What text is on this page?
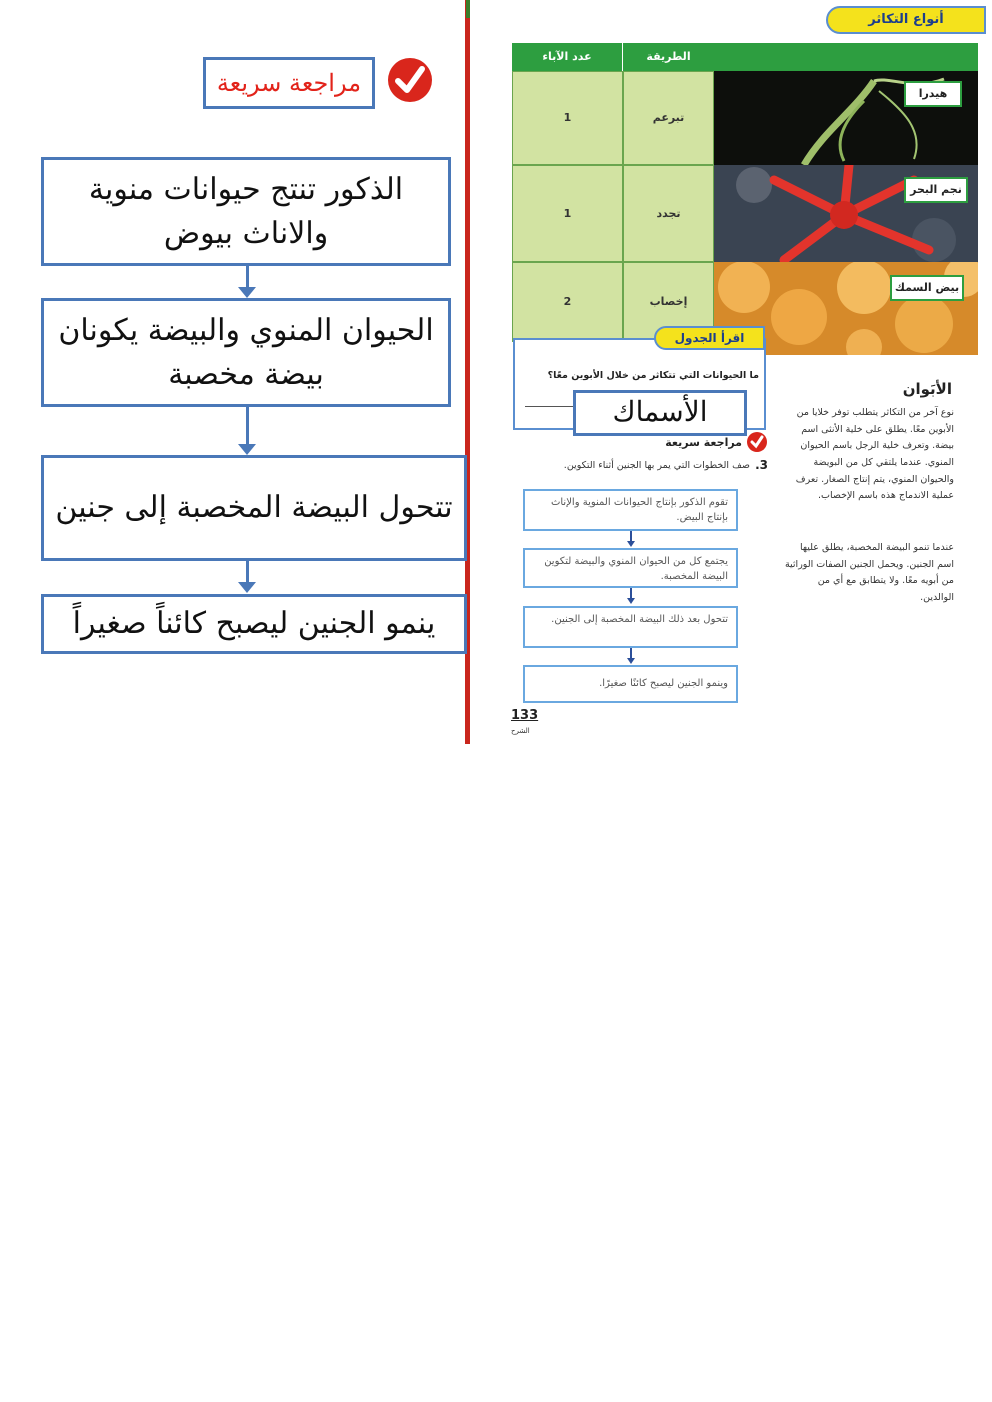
مراجعة سريعة
الذكور تنتج حيوانات منوية والاناث بيوض
الحيوان المنوي والبيضة يكونان بيضة مخصبة
تتحول البيضة المخصبة إلى جنين
ينمو الجنين ليصبح كائناً صغيراً
أنواع التكاثر
عدد الآباء	الطريقة
1	تبرعم
هيدرا
1	تجدد
نجم البحر
2	إخصاب
بيض السمك
ما الحيوانات التي تتكاثر من خلال الأبوين معًا؟
اقرأ الجدول
الأسماك
مراجعة سريعة
3.
صف الخطوات التي يمر بها الجنين أثناء التكوين.
تقوم الذكور بإنتاج الحيوانات المنوية والإناث بإنتاج البيض.
يجتمع كل من الحيوان المنوي والبيضة لتكوين البيضة المخصبة.
تتحول بعد ذلك البيضة المخصبة إلى الجنين.
وينمو الجنين ليصبح كائنًا صغيرًا.
الأبَوان
نوع آخر من التكاثر يتطلب توفر خلايا من الأبوين معًا. يطلق على خلية الأنثى اسم بيضة. وتعرف خلية الرجل باسم الحيوان المنوي. عندما يلتقي كل من البويضة والحيوان المنوي، يتم إنتاج الصغار. تعرف عملية الاندماج هذه باسم الإخصاب.
عندما تنمو البيضة المخصبة، يطلق عليها اسم الجنين. ويحمل الجنين الصفات الوراثية من أبويه معًا. ولا يتطابق مع أي من الوالدين.
133
الشرح
